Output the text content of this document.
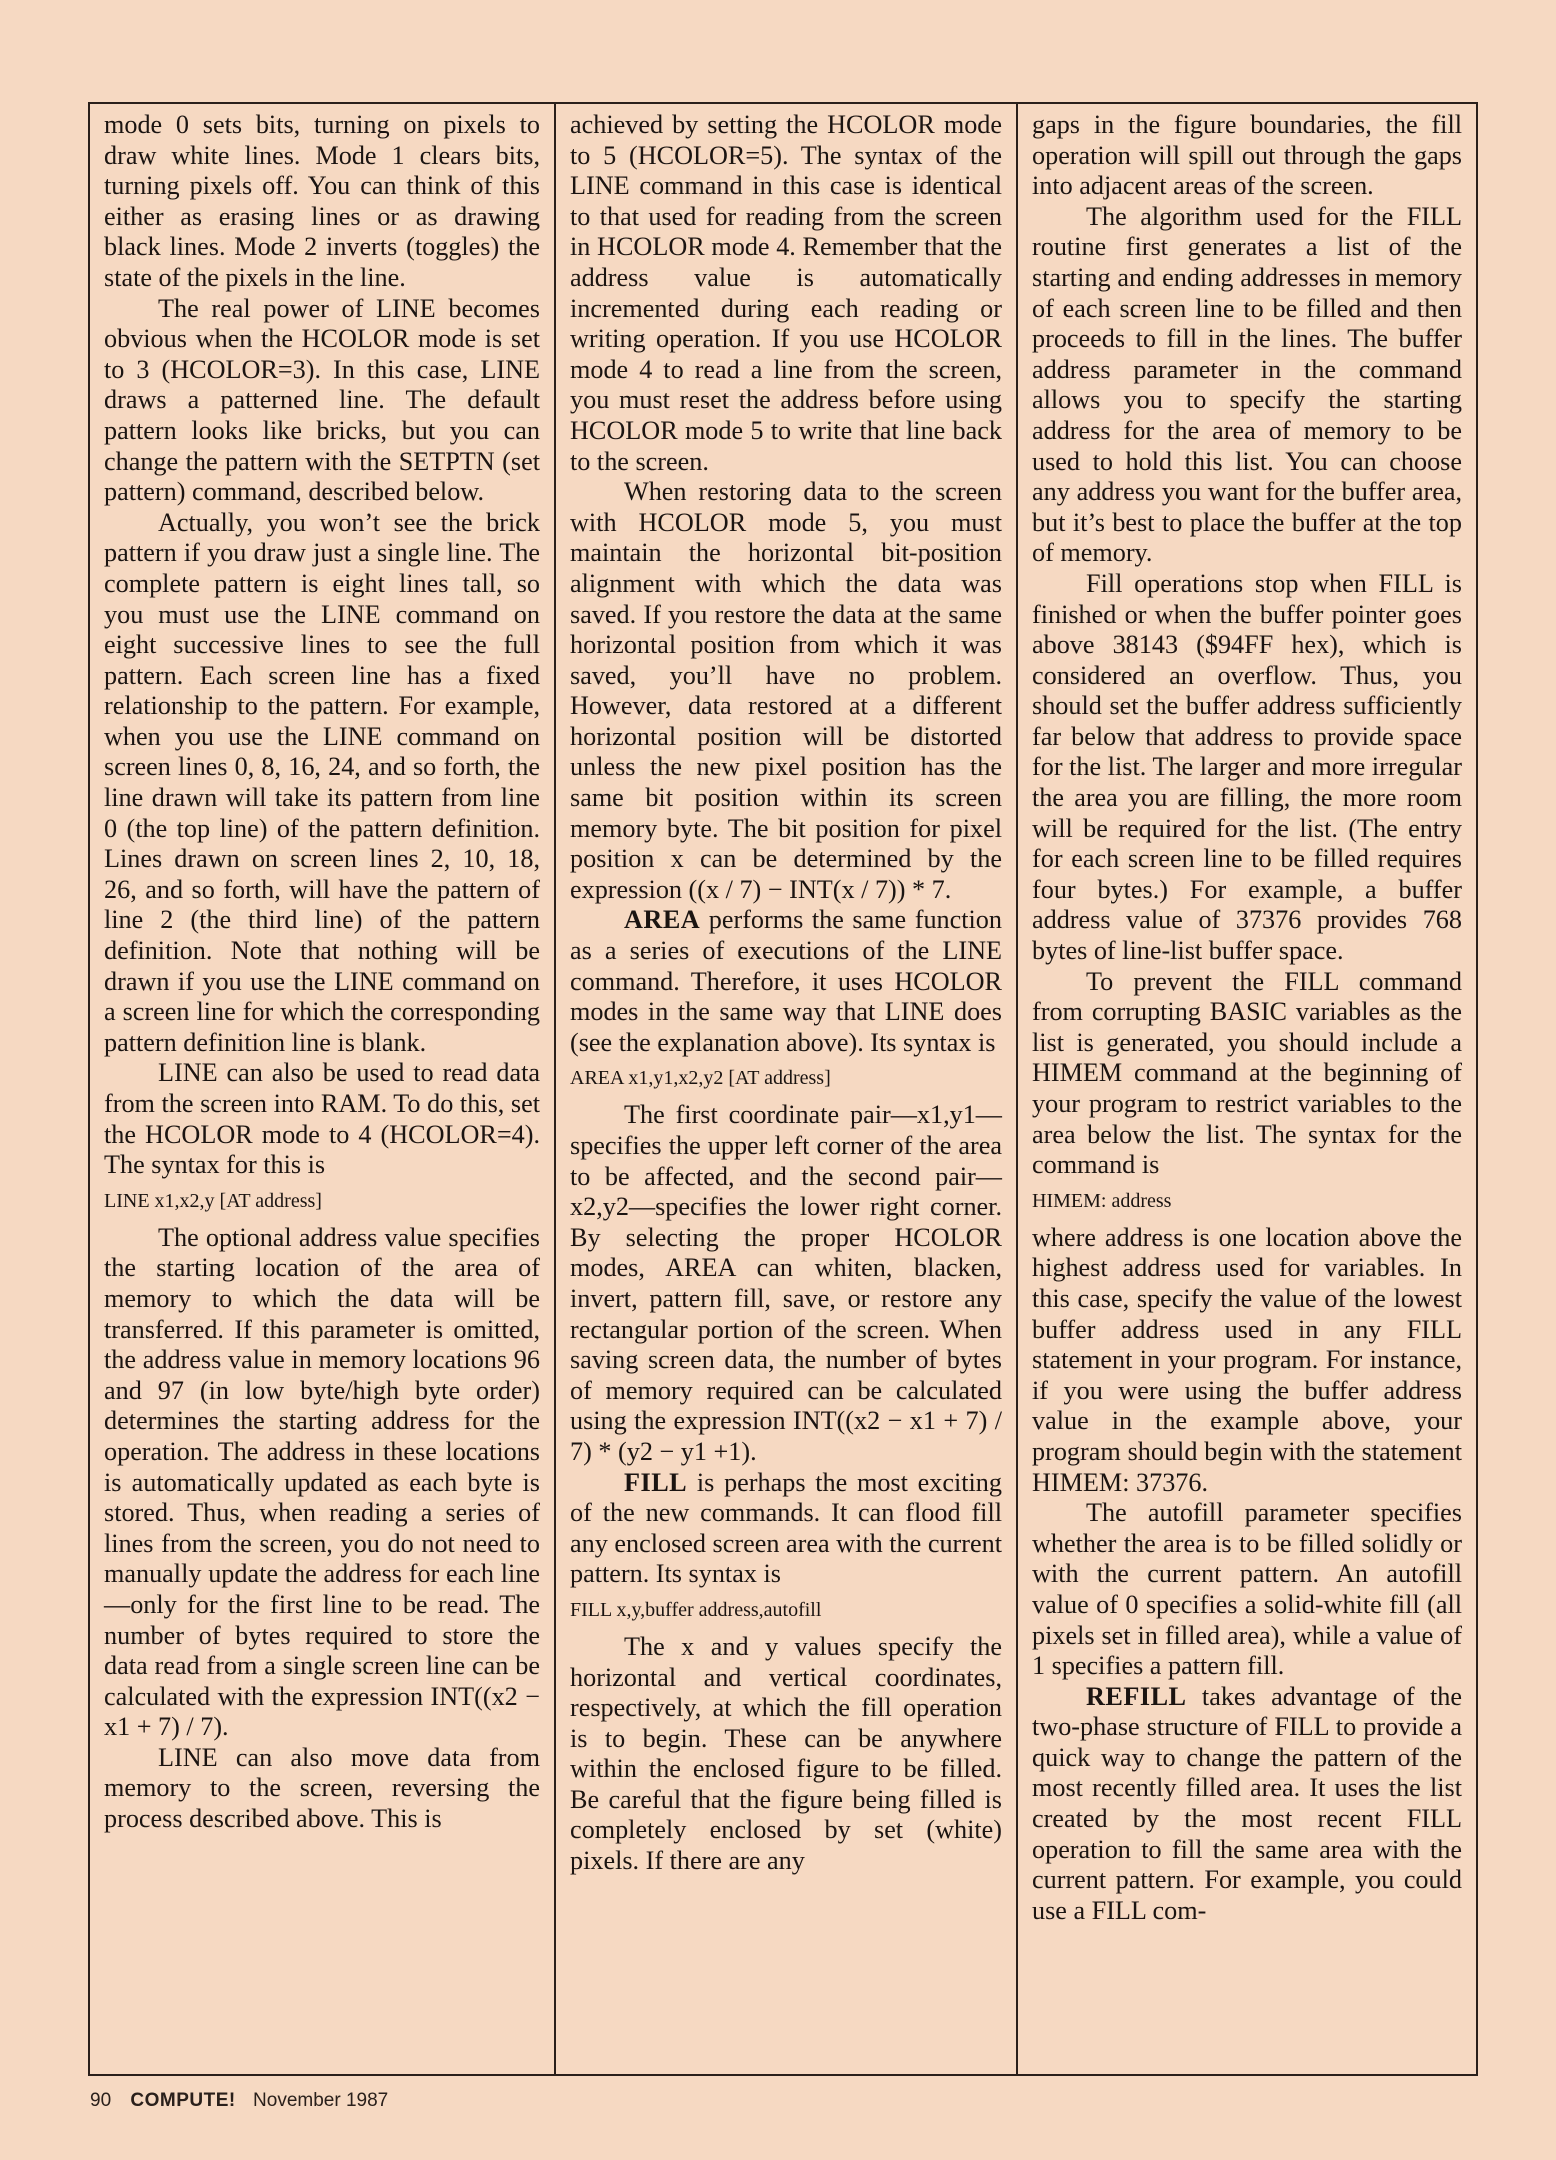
mode 0 sets bits, turning on pixels to draw white lines. Mode 1 clears bits, turning pixels off. You can think of this either as erasing lines or as drawing black lines. Mode 2 inverts (toggles) the state of the pixels in the line.

The real power of LINE becomes obvious when the HCOLOR mode is set to 3 (HCOLOR=3). In this case, LINE draws a patterned line. The default pattern looks like bricks, but you can change the pattern with the SETPTN (set pattern) command, described below.

Actually, you won’t see the brick pattern if you draw just a single line. The complete pattern is eight lines tall, so you must use the LINE command on eight successive lines to see the full pattern. Each screen line has a fixed relationship to the pattern. For example, when you use the LINE command on screen lines 0, 8, 16, 24, and so forth, the line drawn will take its pattern from line 0 (the top line) of the pattern definition. Lines drawn on screen lines 2, 10, 18, 26, and so forth, will have the pattern of line 2 (the third line) of the pattern definition. Note that nothing will be drawn if you use the LINE command on a screen line for which the corresponding pattern definition line is blank.

LINE can also be used to read data from the screen into RAM. To do this, set the HCOLOR mode to 4 (HCOLOR=4). The syntax for this is

LINE x1,x2,y [AT address]

The optional address value specifies the starting location of the area of memory to which the data will be transferred. If this parameter is omitted, the address value in memory locations 96 and 97 (in low byte/high byte order) determines the starting address for the operation. The address in these locations is automatically updated as each byte is stored. Thus, when reading a series of lines from the screen, you do not need to manually update the address for each line—only for the first line to be read. The number of bytes required to store the data read from a single screen line can be calculated with the expression INT((x2 − x1 + 7) / 7).

LINE can also move data from memory to the screen, reversing the process described above. This is

achieved by setting the HCOLOR mode to 5 (HCOLOR=5). The syntax of the LINE command in this case is identical to that used for reading from the screen in HCOLOR mode 4. Remember that the address value is automatically incremented during each reading or writing operation. If you use HCOLOR mode 4 to read a line from the screen, you must reset the address before using HCOLOR mode 5 to write that line back to the screen.

When restoring data to the screen with HCOLOR mode 5, you must maintain the horizontal bit-position alignment with which the data was saved. If you restore the data at the same horizontal position from which it was saved, you’ll have no problem. However, data restored at a different horizontal position will be distorted unless the new pixel position has the same bit position within its screen memory byte. The bit position for pixel position x can be determined by the expression ((x / 7) − INT(x / 7)) * 7.

AREA performs the same function as a series of executions of the LINE command. Therefore, it uses HCOLOR modes in the same way that LINE does (see the explanation above). Its syntax is

AREA x1,y1,x2,y2 [AT address]

The first coordinate pair—x1,y1—specifies the upper left corner of the area to be affected, and the second pair—x2,y2—specifies the lower right corner. By selecting the proper HCOLOR modes, AREA can whiten, blacken, invert, pattern fill, save, or restore any rectangular portion of the screen. When saving screen data, the number of bytes of memory required can be calculated using the expression INT((x2 − x1 + 7) / 7) * (y2 − y1 +1).

FILL is perhaps the most exciting of the new commands. It can flood fill any enclosed screen area with the current pattern. Its syntax is

FILL x,y,buffer address,autofill

The x and y values specify the horizontal and vertical coordinates, respectively, at which the fill operation is to begin. These can be anywhere within the enclosed figure to be filled. Be careful that the figure being filled is completely enclosed by set (white) pixels. If there are any

gaps in the figure boundaries, the fill operation will spill out through the gaps into adjacent areas of the screen.

The algorithm used for the FILL routine first generates a list of the starting and ending addresses in memory of each screen line to be filled and then proceeds to fill in the lines. The buffer address parameter in the command allows you to specify the starting address for the area of memory to be used to hold this list. You can choose any address you want for the buffer area, but it’s best to place the buffer at the top of memory.

Fill operations stop when FILL is finished or when the buffer pointer goes above 38143 ($94FF hex), which is considered an overflow. Thus, you should set the buffer address sufficiently far below that address to provide space for the list. The larger and more irregular the area you are filling, the more room will be required for the list. (The entry for each screen line to be filled requires four bytes.) For example, a buffer address value of 37376 provides 768 bytes of line-list buffer space.

To prevent the FILL command from corrupting BASIC variables as the list is generated, you should include a HIMEM command at the beginning of your program to restrict variables to the area below the list. The syntax for the command is

HIMEM: address

where address is one location above the highest address used for variables. In this case, specify the value of the lowest buffer address used in any FILL statement in your program. For instance, if you were using the buffer address value in the example above, your program should begin with the statement HIMEM: 37376.

The autofill parameter specifies whether the area is to be filled solidly or with the current pattern. An autofill value of 0 specifies a solid-white fill (all pixels set in filled area), while a value of 1 specifies a pattern fill.

REFILL takes advantage of the two-phase structure of FILL to provide a quick way to change the pattern of the most recently filled area. It uses the list created by the most recent FILL operation to fill the same area with the current pattern. For example, you could use a FILL com-

90 COMPUTE! November 1987
